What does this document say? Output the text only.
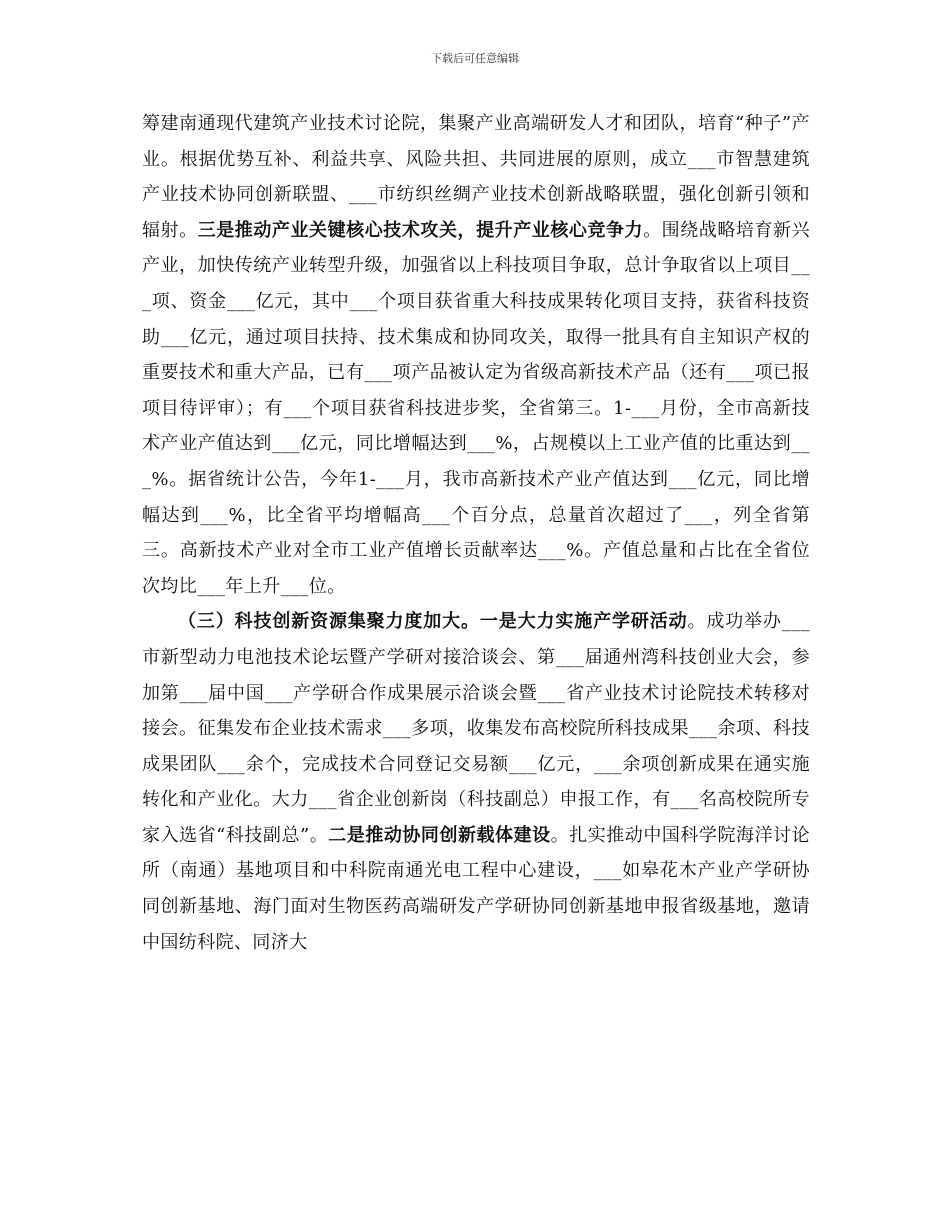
下载后可任意编辑

筹建南通现代建筑产业技术讨论院，集聚产业高端研发人才和团队，培育“种子”产业。根据优势互补、利益共享、风险共担、共同进展的原则，成立___市智慧建筑产业技术协同创新联盟、___市纺织丝绸产业技术创新战略联盟，强化创新引领和辐射。三是推动产业关键核心技术攻关，提升产业核心竞争力。围绕战略培育新兴产业，加快传统产业转型升级，加强省以上科技项目争取，总计争取省以上项目___项、资金___亿元，其中___个项目获省重大科技成果转化项目支持，获省科技资助___亿元，通过项目扶持、技术集成和协同攻关，取得一批具有自主知识产权的重要技术和重大产品，已有___项产品被认定为省级高新技术产品（还有___项已报项目待评审）；有___个项目获省科技进步奖，全省第三。1-___月份，全市高新技术产业产值达到___亿元，同比增幅达到___%，占规模以上工业产值的比重达到___%。据省统计公告，今年1-___月，我市高新技术产业产值达到___亿元，同比增幅达到___%，比全省平均增幅高___个百分点，总量首次超过了___，列全省第三。高新技术产业对全市工业产值增长贡献率达___%。产值总量和占比在全省位次均比___年上升___位。

（三）科技创新资源集聚力度加大。一是大力实施产学研活动。成功举办___市新型动力电池技术论坛暨产学研对接洽谈会、第___届通州湾科技创业大会，参加第___届中国___产学研合作成果展示洽谈会暨___省产业技术讨论院技术转移对接会。征集发布企业技术需求___多项，收集发布高校院所科技成果___余项、科技成果团队___余个，完成技术合同登记交易额___亿元，___余项创新成果在通实施转化和产业化。大力___省企业创新岗（科技副总）申报工作，有___名高校院所专家入选省“科技副总”。二是推动协同创新载体建设。扎实推动中国科学院海洋讨论所（南通）基地项目和中科院南通光电工程中心建设，___如皋花木产业产学研协同创新基地、海门面对生物医药高端研发产学研协同创新基地申报省级基地，邀请中国纺科院、同济大
